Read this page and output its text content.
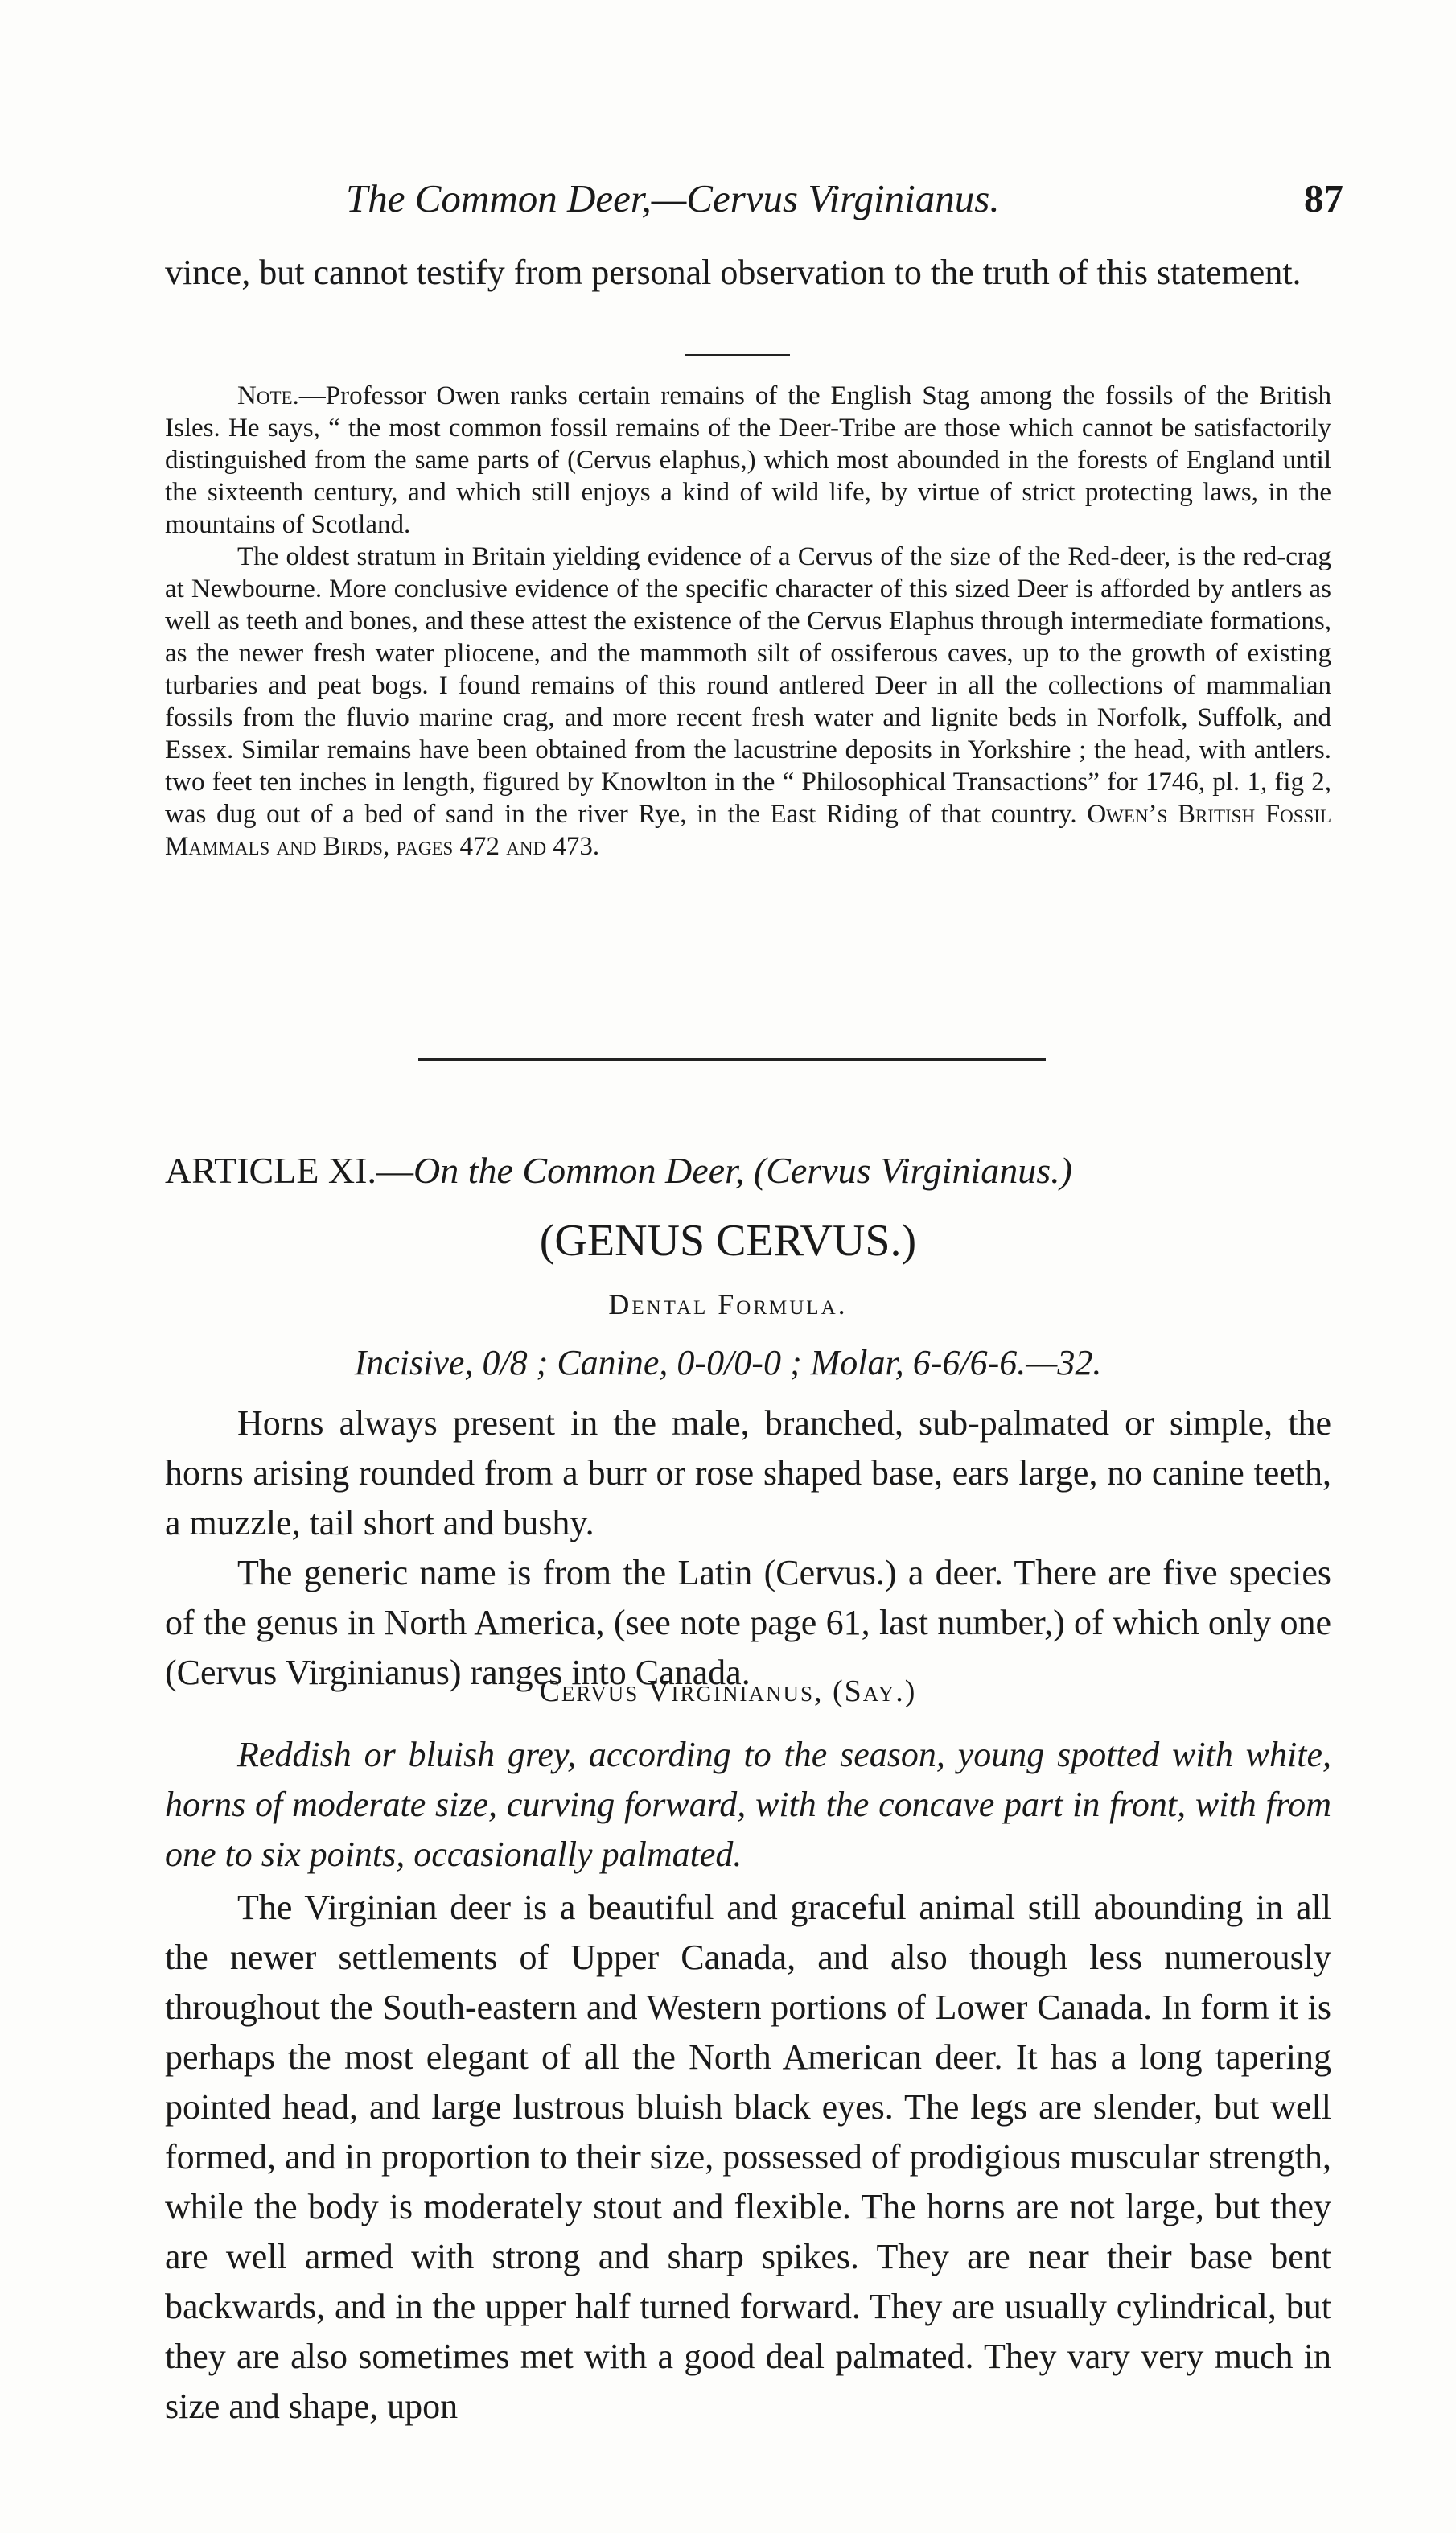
The Common Deer,—Cervus Virginianus.	87

vince, but cannot testify from personal observation to the truth of this statement.

Note.—Professor Owen ranks certain remains of the English Stag among the fossils of the British Isles. He says, “ the most common fossil remains of the Deer-Tribe are those which cannot be satisfactorily distinguished from the same parts of (Cervus elaphus,) which most abounded in the forests of England until the sixteenth century, and which still enjoys a kind of wild life, by virtue of strict protecting laws, in the mountains of Scotland.

The oldest stratum in Britain yielding evidence of a Cervus of the size of the Red-deer, is the red-crag at Newbourne. More conclusive evidence of the specific character of this sized Deer is afforded by antlers as well as teeth and bones, and these attest the existence of the Cervus Elaphus through intermediate formations, as the newer fresh water pliocene, and the mammoth silt of ossiferous caves, up to the growth of existing turbaries and peat bogs. I found remains of this round antlered Deer in all the collections of mammalian fossils from the fluvio marine crag, and more recent fresh water and lignite beds in Norfolk, Suffolk, and Essex. Similar remains have been obtained from the lacustrine deposits in Yorkshire ; the head, with antlers. two feet ten inches in length, figured by Knowlton in the “ Philosophical Transactions” for 1746, pl. 1, fig 2, was dug out of a bed of sand in the river Rye, in the East Riding of that country. Owen’s British Fossil Mammals and Birds, pages 472 and 473.

ARTICLE XI.—On the Common Deer, (Cervus Virginianus.)
(GENUS CERVUS.)
Dental Formula.
Incisive, 0/8 ; Canine, 0-0/0-0 ; Molar, 6-6/6-6.—32.

Horns always present in the male, branched, sub-palmated or simple, the horns arising rounded from a burr or rose shaped base, ears large, no canine teeth, a muzzle, tail short and bushy.

The generic name is from the Latin (Cervus.) a deer. There are five species of the genus in North America, (see note page 61, last number,) of which only one (Cervus Virginianus) ranges into Canada.

Cervus Virginianus, (Say.)

Reddish or bluish grey, according to the season, young spotted with white, horns of moderate size, curving forward, with the concave part in front, with from one to six points, occasionally palmated.

The Virginian deer is a beautiful and graceful animal still abounding in all the newer settlements of Upper Canada, and also though less numerously throughout the South-eastern and Western portions of Lower Canada. In form it is perhaps the most elegant of all the North American deer. It has a long tapering pointed head, and large lustrous bluish black eyes. The legs are slender, but well formed, and in proportion to their size, possessed of prodigious muscular strength, while the body is moderately stout and flexible. The horns are not large, but they are well armed with strong and sharp spikes. They are near their base bent backwards, and in the upper half turned forward. They are usually cylindrical, but they are also sometimes met with a good deal palmated. They vary very much in size and shape, upon
